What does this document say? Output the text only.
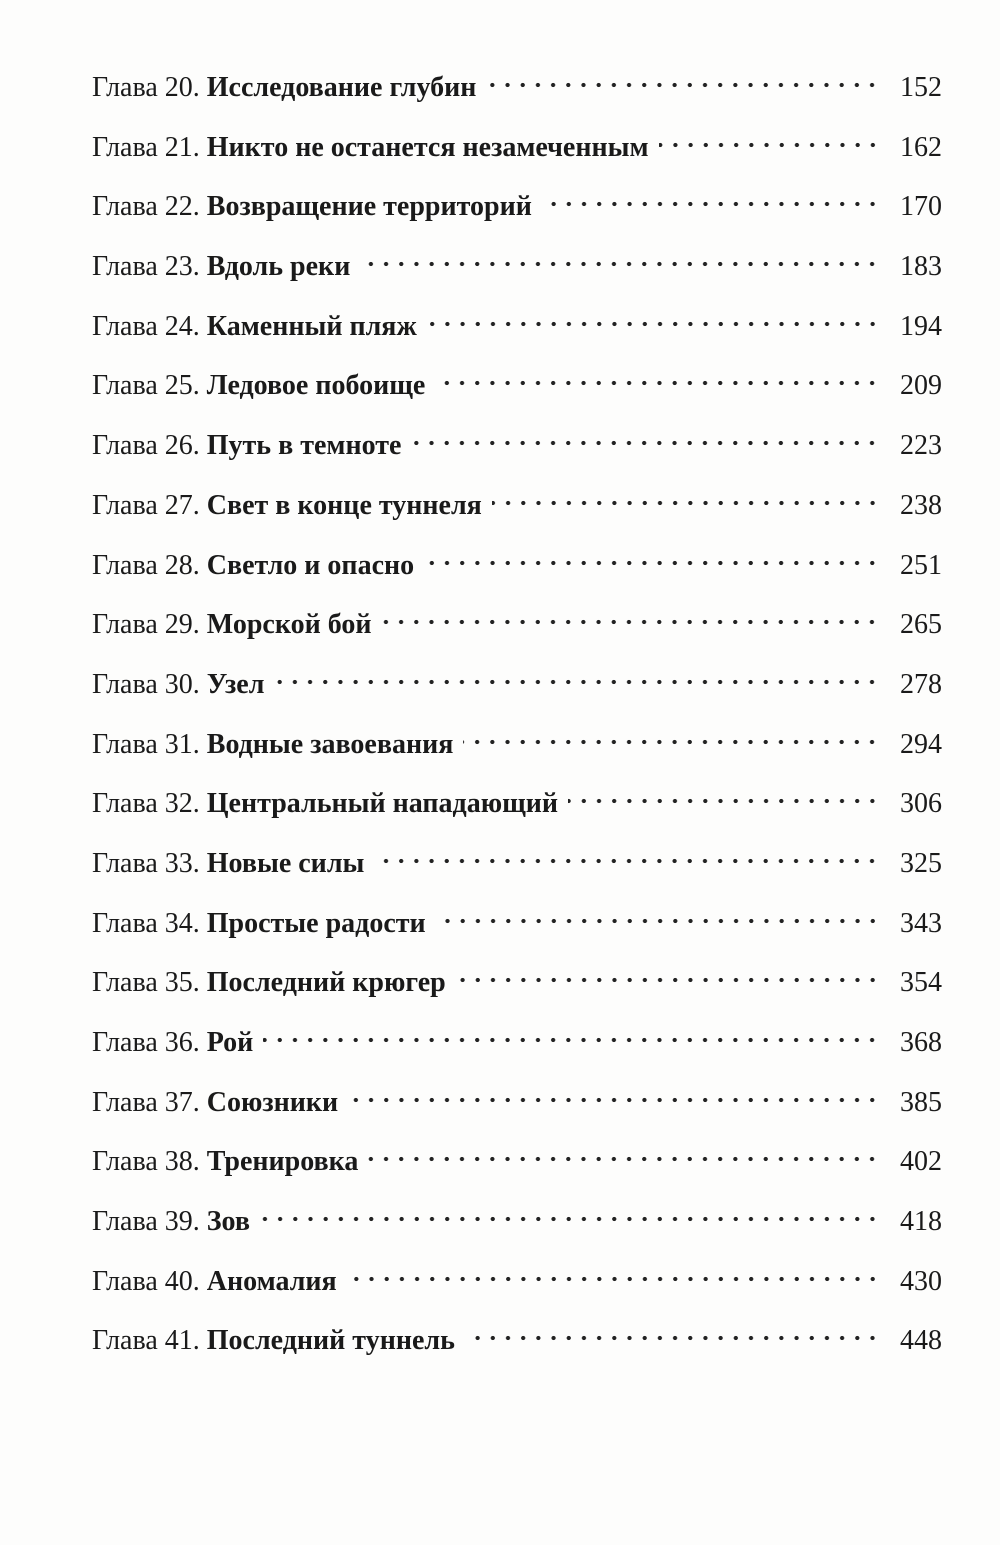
Глава 20. Исследование глубин	152
Глава 21. Никто не останется незамеченным	162
Глава 22. Возвращение территорий	170
Глава 23. Вдоль реки	183
Глава 24. Каменный пляж	194
Глава 25. Ледовое побоище	209
Глава 26. Путь в темноте	223
Глава 27. Свет в конце туннеля	238
Глава 28. Светло и опасно	251
Глава 29. Морской бой	265
Глава 30. Узел	278
Глава 31. Водные завоевания	294
Глава 32. Центральный нападающий	306
Глава 33. Новые силы	325
Глава 34. Простые радости	343
Глава 35. Последний крюгер	354
Глава 36. Рой	368
Глава 37. Союзники	385
Глава 38. Тренировка	402
Глава 39. Зов	418
Глава 40. Аномалия	430
Глава 41. Последний туннель	448
